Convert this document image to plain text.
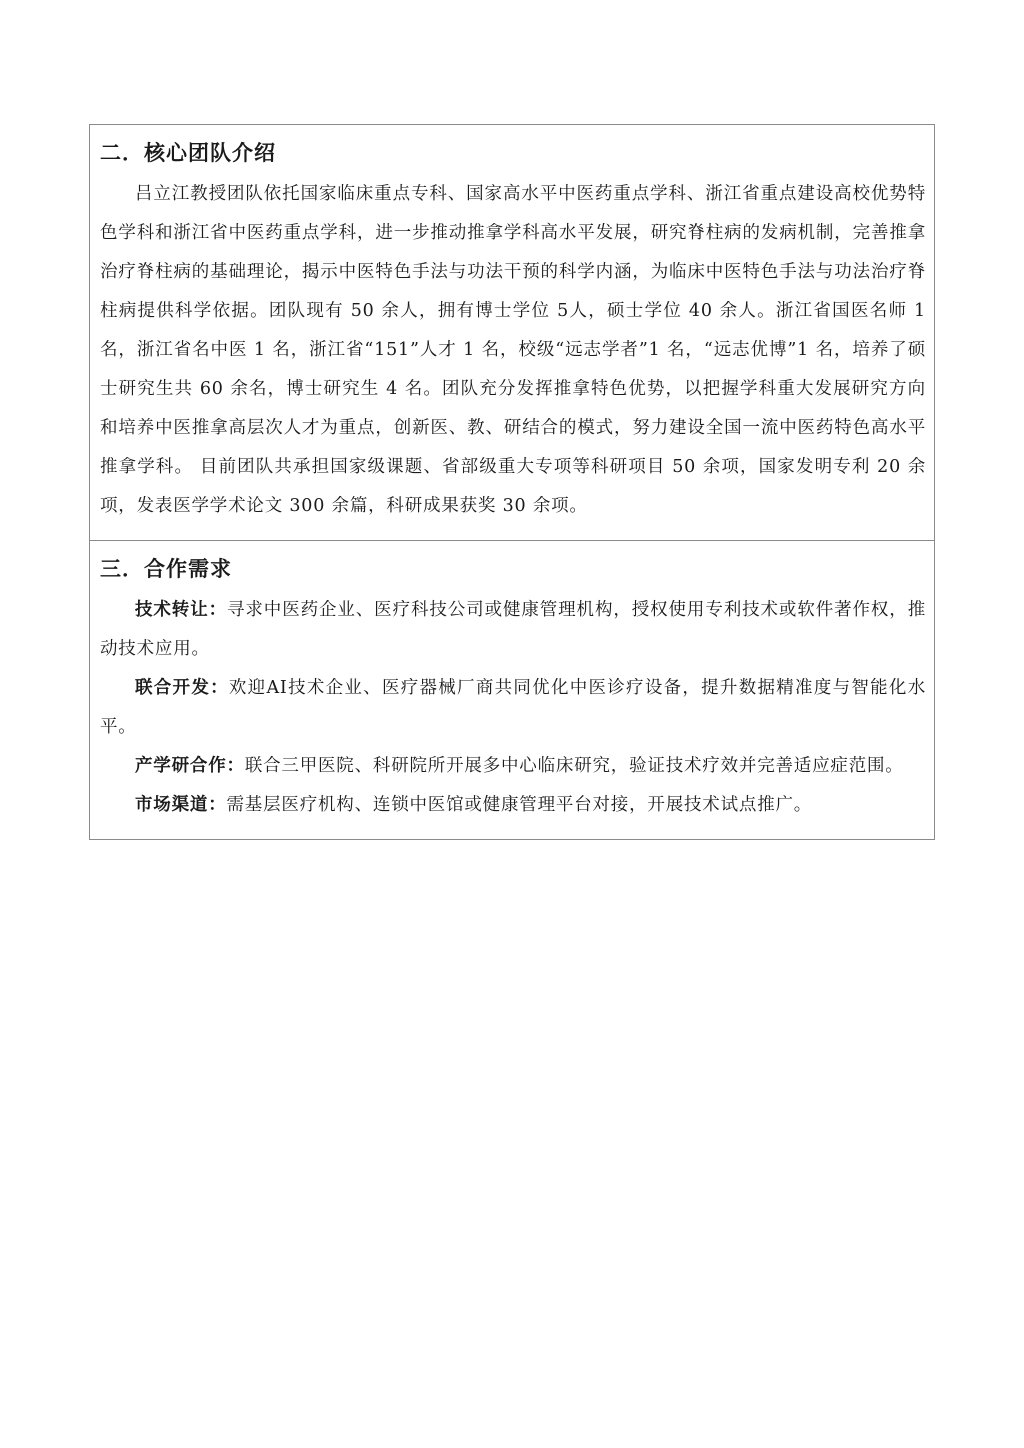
二．核心团队介绍

吕立江教授团队依托国家临床重点专科、国家高水平中医药重点学科、浙江省重点建设高校优势特色学科和浙江省中医药重点学科，进一步推动推拿学科高水平发展，研究脊柱病的发病机制，完善推拿治疗脊柱病的基础理论，揭示中医特色手法与功法干预的科学内涵，为临床中医特色手法与功法治疗脊柱病提供科学依据。团队现有 50 余人，拥有博士学位 5人，硕士学位 40 余人。浙江省国医名师 1 名，浙江省名中医 1 名，浙江省“151”人才 1 名，校级“远志学者”1 名，“远志优博”1 名，培养了硕士研究生共 60 余名，博士研究生 4 名。团队充分发挥推拿特色优势，以把握学科重大发展研究方向和培养中医推拿高层次人才为重点，创新医、教、研结合的模式，努力建设全国一流中医药特色高水平推拿学科。 目前团队共承担国家级课题、省部级重大专项等科研项目 50 余项，国家发明专利 20 余项，发表医学学术论文 300 余篇，科研成果获奖 30 余项。

三．合作需求

技术转让：寻求中医药企业、医疗科技公司或健康管理机构，授权使用专利技术或软件著作权，推动技术应用。

联合开发：欢迎AI技术企业、医疗器械厂商共同优化中医诊疗设备，提升数据精准度与智能化水平。

产学研合作：联合三甲医院、科研院所开展多中心临床研究，验证技术疗效并完善适应症范围。

市场渠道：需基层医疗机构、连锁中医馆或健康管理平台对接，开展技术试点推广。
